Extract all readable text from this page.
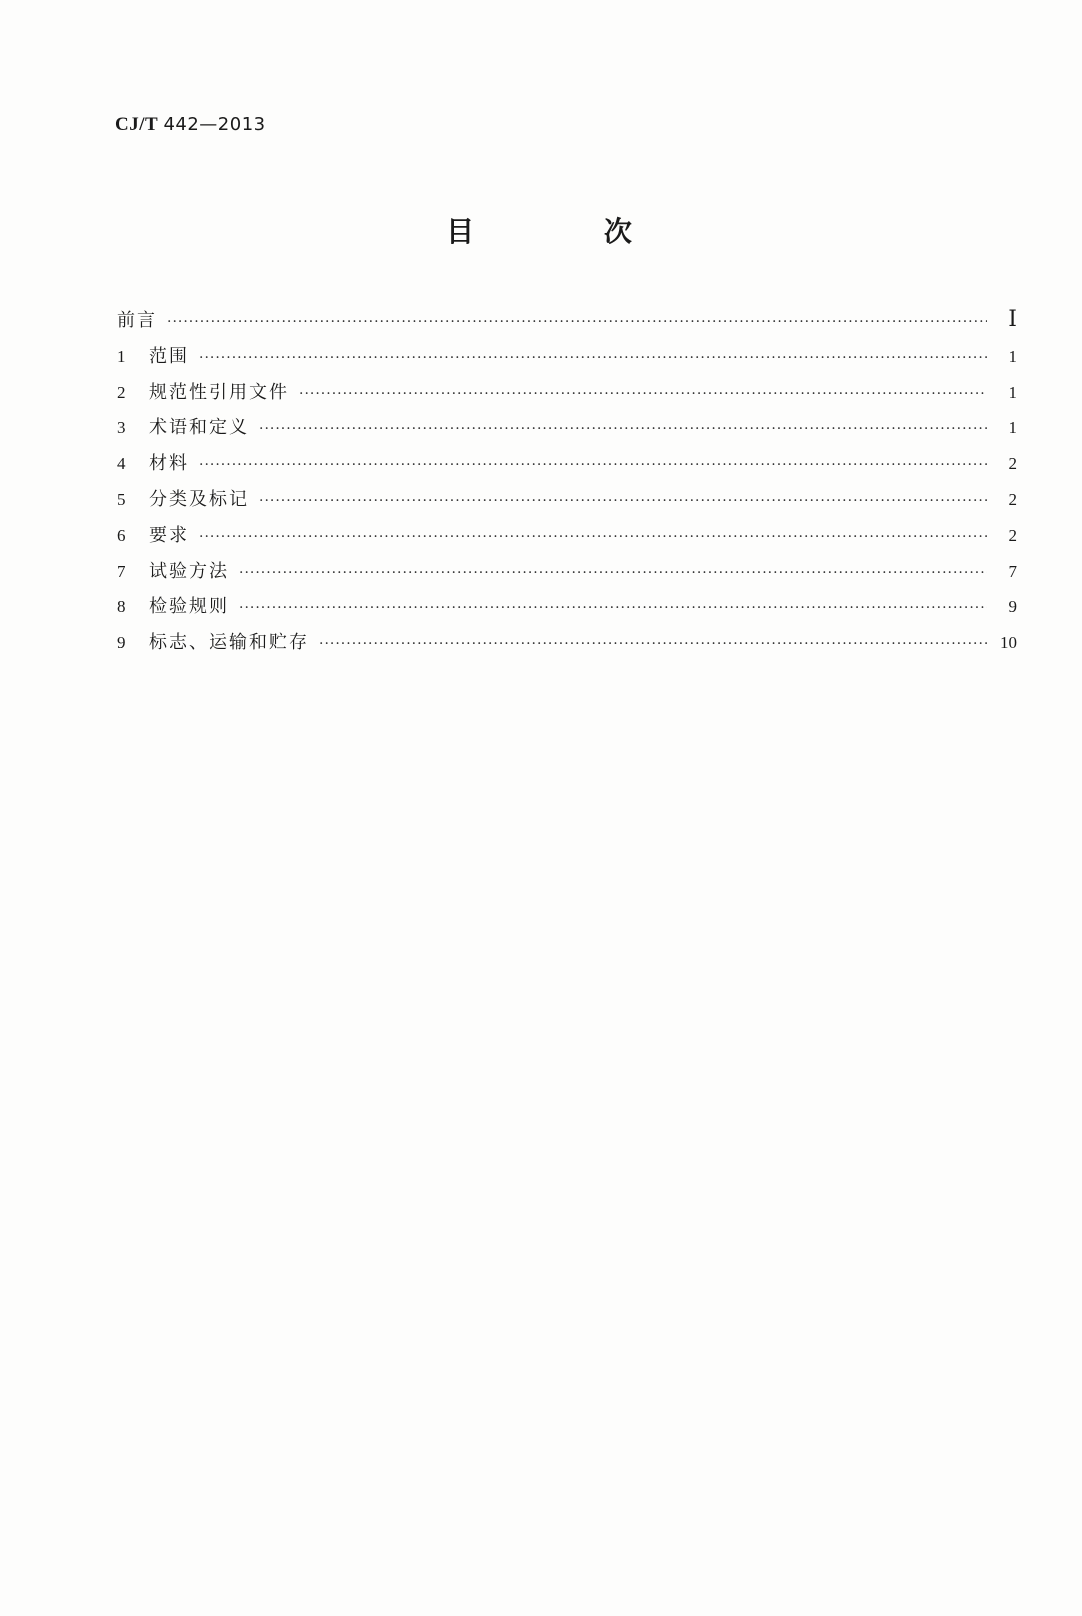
CJ/T 442—2013
目 次
前言 ·····	Ⅰ
1	范围 ·····	1
2	规范性引用文件 ·····	1
3	术语和定义 ·····	1
4	材料 ·····	2
5	分类及标记 ·····	2
6	要求 ·····	2
7	试验方法 ·····	7
8	检验规则 ·····	9
9	标志、运输和贮存 ·····	10
